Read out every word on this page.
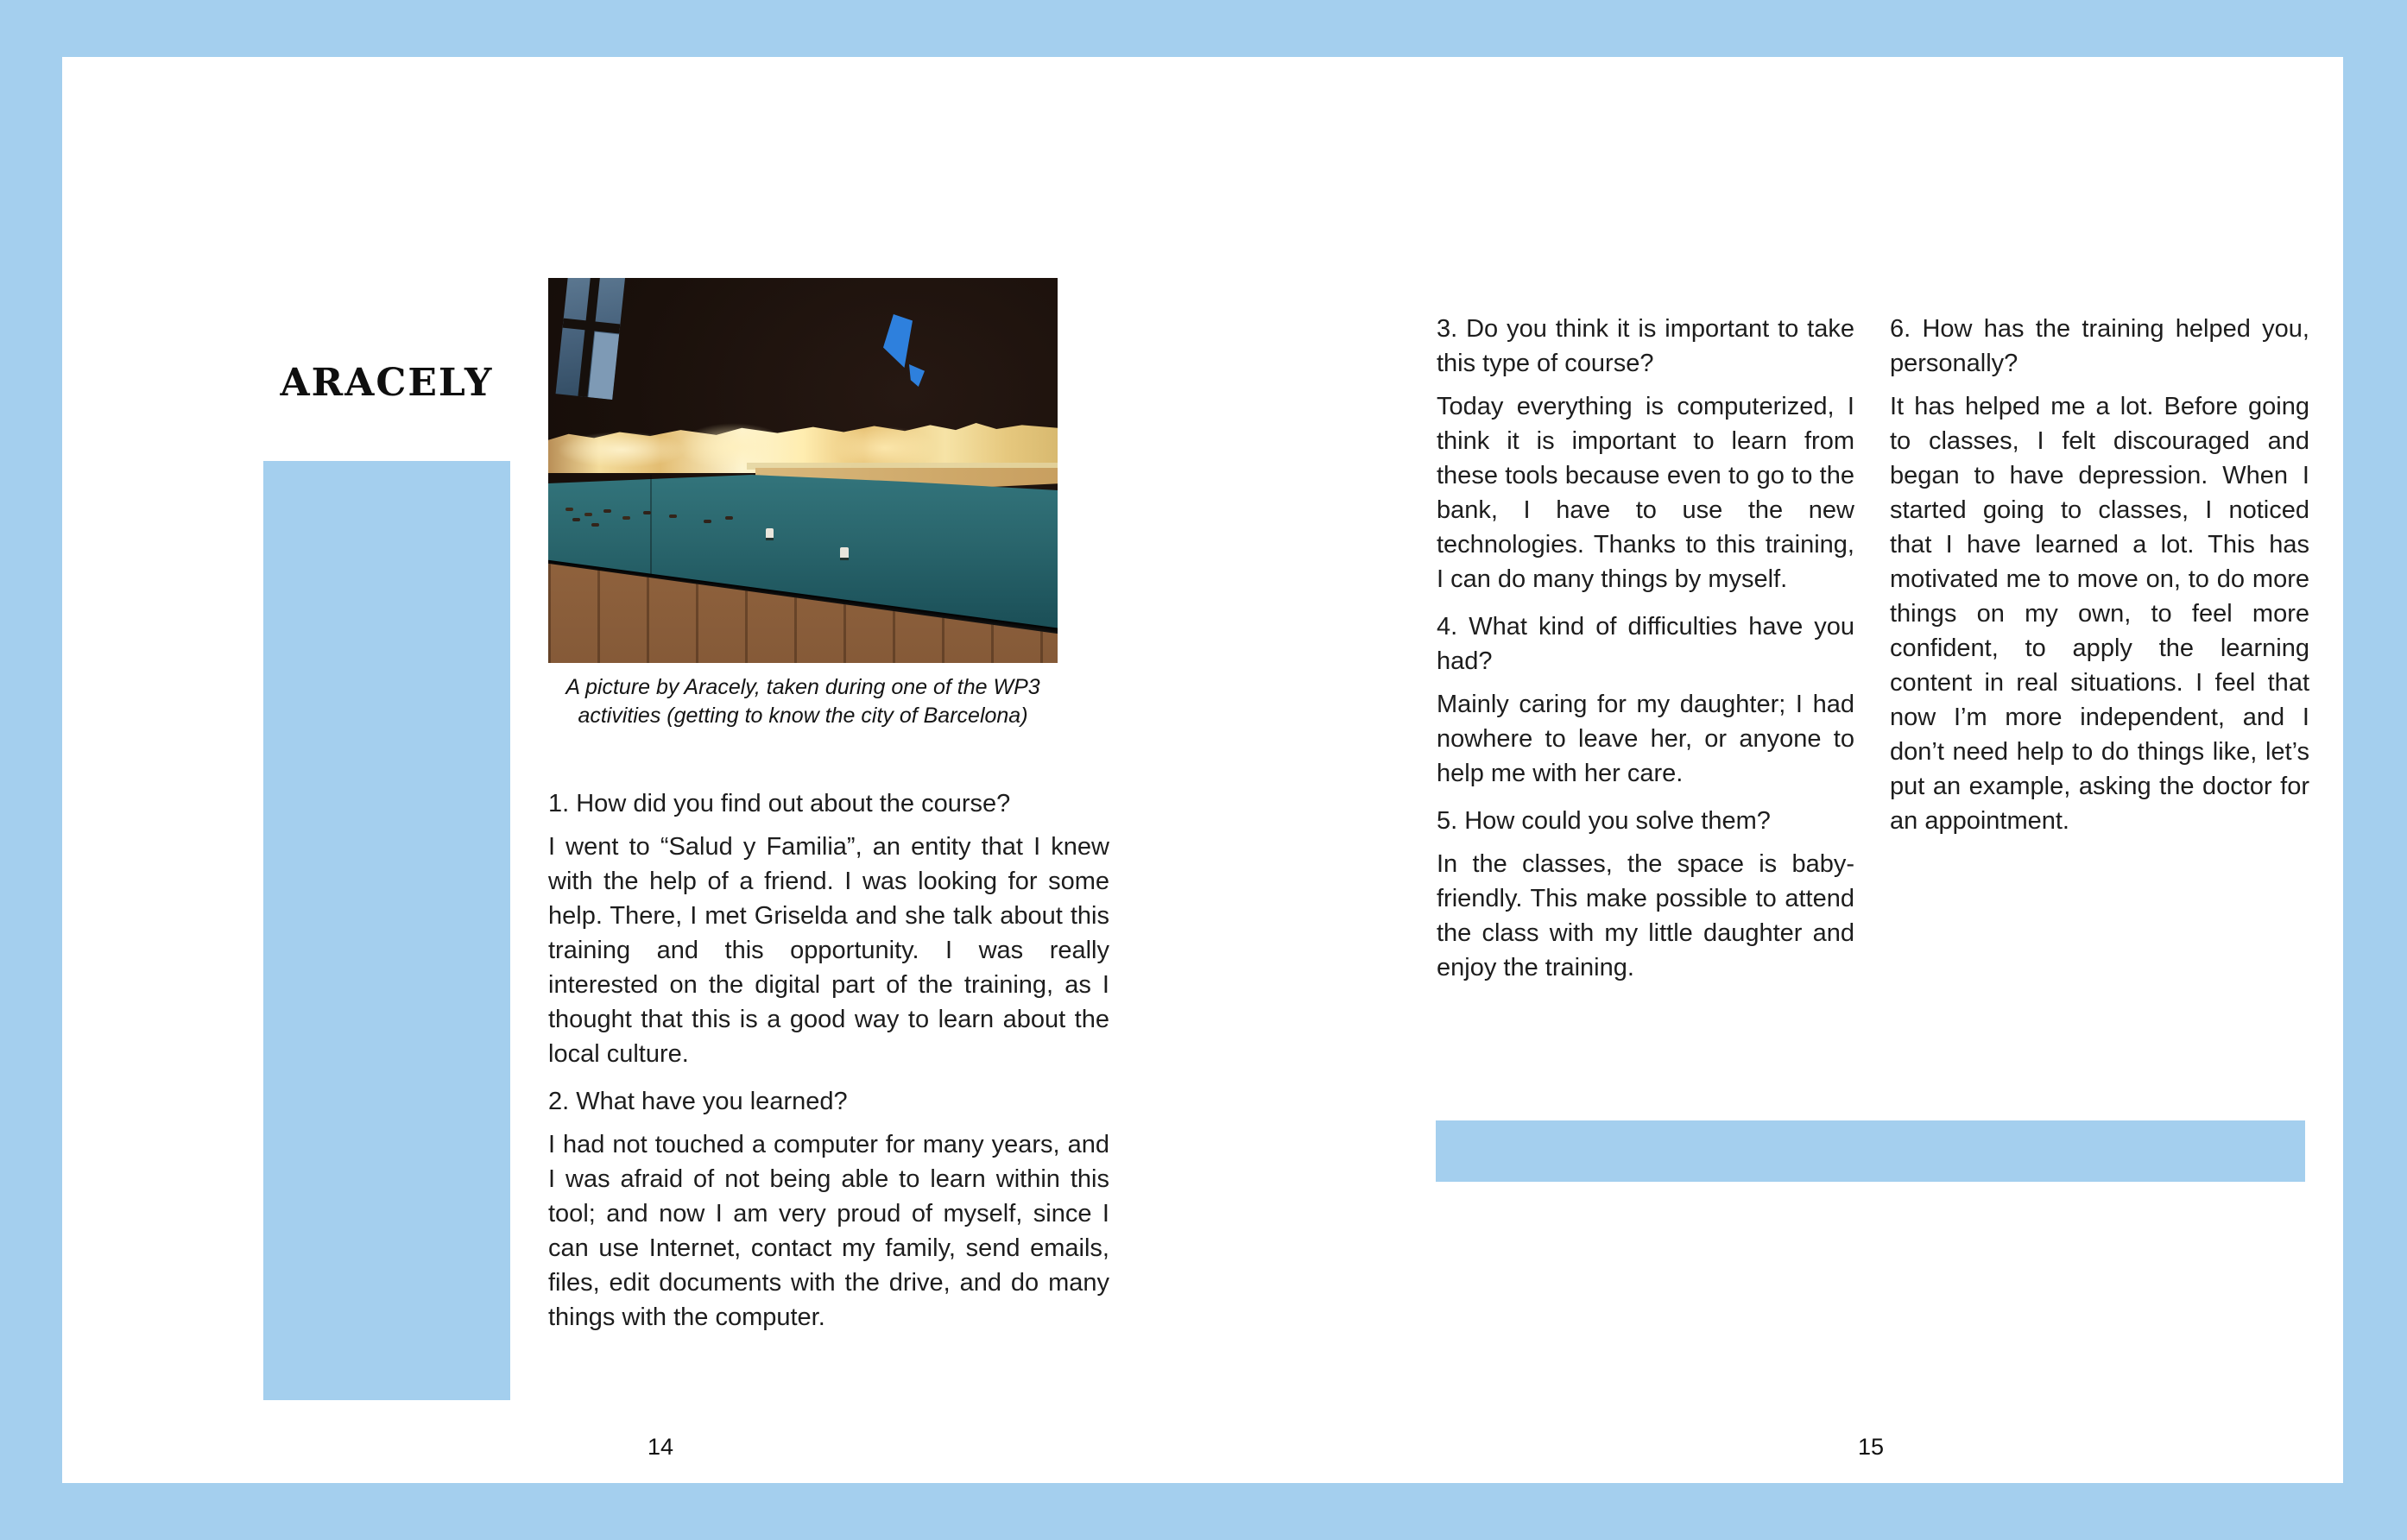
ARACELY
A picture by Aracely, taken during one of the WP3
activities (getting to know the city of Barcelona)

1. How did you find out about the course?

I went to “Salud y Familia”, an entity that I knew with the help of a friend. I was looking for some help. There, I met Griselda and she talk about this training and this opportunity. I was really interested on the digital part of the training, as I thought that this is a good way to learn about the local culture.

2. What have you learned?

I had not touched a computer for many years, and I was afraid of not being able to learn within this tool; and now I am very proud of myself, since I can use Internet, contact my family, send emails, files, edit documents with the drive, and do many things with the computer.

14

3. Do you think it is important to take this type of course?

Today everything is computerized, I think it is important to learn from these tools because even to go to the bank, I have to use the new technologies. Thanks to this training, I can do many things by myself.

4. What kind of difficulties have you had?

Mainly caring for my daughter; I had nowhere to leave her, or anyone to help me with her care.

5. How could you solve them?

In the classes, the space is baby-friendly. This make possible to attend the class with my little daughter and enjoy the training.

6. How has the training helped you, personally?

It has helped me a lot. Before going to classes, I felt discouraged and began to have depression. When I started going to classes, I noticed that I have learned a lot. This has motivated me to move on, to do more things on my own, to feel more confident, to apply the learning content in real situations. I feel that now I’m more independent, and I don’t need help to do things like, let’s put an example, asking the doctor for an appointment.

15
